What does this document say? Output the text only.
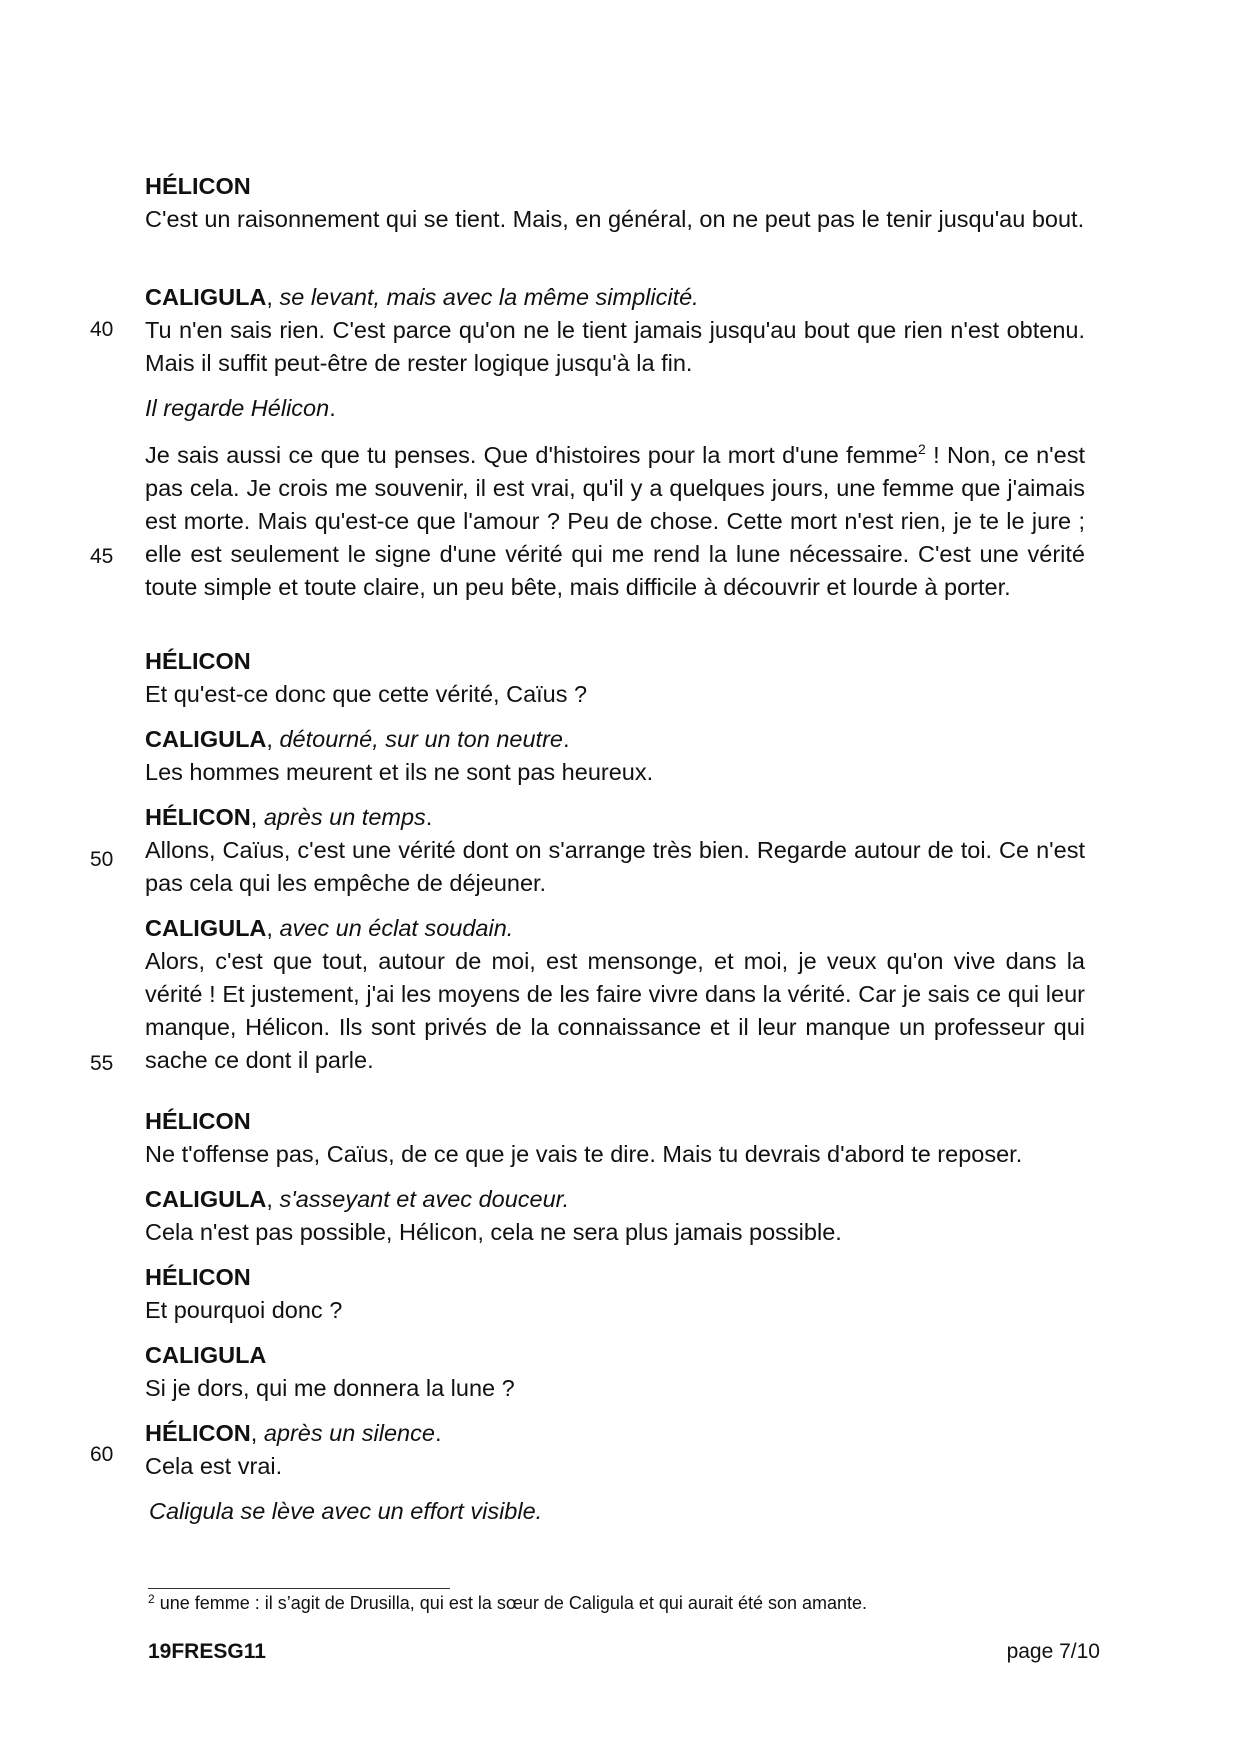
40
45
50
55
60
HÉLICON
C'est un raisonnement qui se tient. Mais, en général, on ne peut pas le tenir jusqu'au bout.
CALIGULA, se levant, mais avec la même simplicité.
Tu n'en sais rien. C'est parce qu'on ne le tient jamais jusqu'au bout que rien n'est obtenu. Mais il suffit peut-être de rester logique jusqu'à la fin.
Il regarde Hélicon.
Je sais aussi ce que tu penses. Que d'histoires pour la mort d'une femme$^2$ ! Non, ce n'est pas cela. Je crois me souvenir, il est vrai, qu'il y a quelques jours, une femme que j'aimais est morte. Mais qu'est-ce que l'amour ? Peu de chose. Cette mort n'est rien, je te le jure ; elle est seulement le signe d'une vérité qui me rend la lune nécessaire. C'est une vérité toute simple et toute claire, un peu bête, mais difficile à découvrir et lourde à porter.
HÉLICON
Et qu'est-ce donc que cette vérité, Caïus ?
CALIGULA, détourné, sur un ton neutre.
Les hommes meurent et ils ne sont pas heureux.
HÉLICON, après un temps.
Allons, Caïus, c'est une vérité dont on s'arrange très bien. Regarde autour de toi. Ce n'est pas cela qui les empêche de déjeuner.
CALIGULA, avec un éclat soudain.
Alors, c'est que tout, autour de moi, est mensonge, et moi, je veux qu'on vive dans la vérité ! Et justement, j'ai les moyens de les faire vivre dans la vérité. Car je sais ce qui leur manque, Hélicon. Ils sont privés de la connaissance et il leur manque un professeur qui sache ce dont il parle.
HÉLICON
Ne t'offense pas, Caïus, de ce que je vais te dire. Mais tu devrais d'abord te reposer.
CALIGULA, s'asseyant et avec douceur.
Cela n'est pas possible, Hélicon, cela ne sera plus jamais possible.
HÉLICON
Et pourquoi donc ?
CALIGULA
Si je dors, qui me donnera la lune ?
HÉLICON, après un silence.
Cela est vrai.
Caligula se lève avec un effort visible.
$^2$ une femme : il s’agit de Drusilla, qui est la sœur de Caligula et qui aurait été son amante.
19FRESG11	page 7/10
